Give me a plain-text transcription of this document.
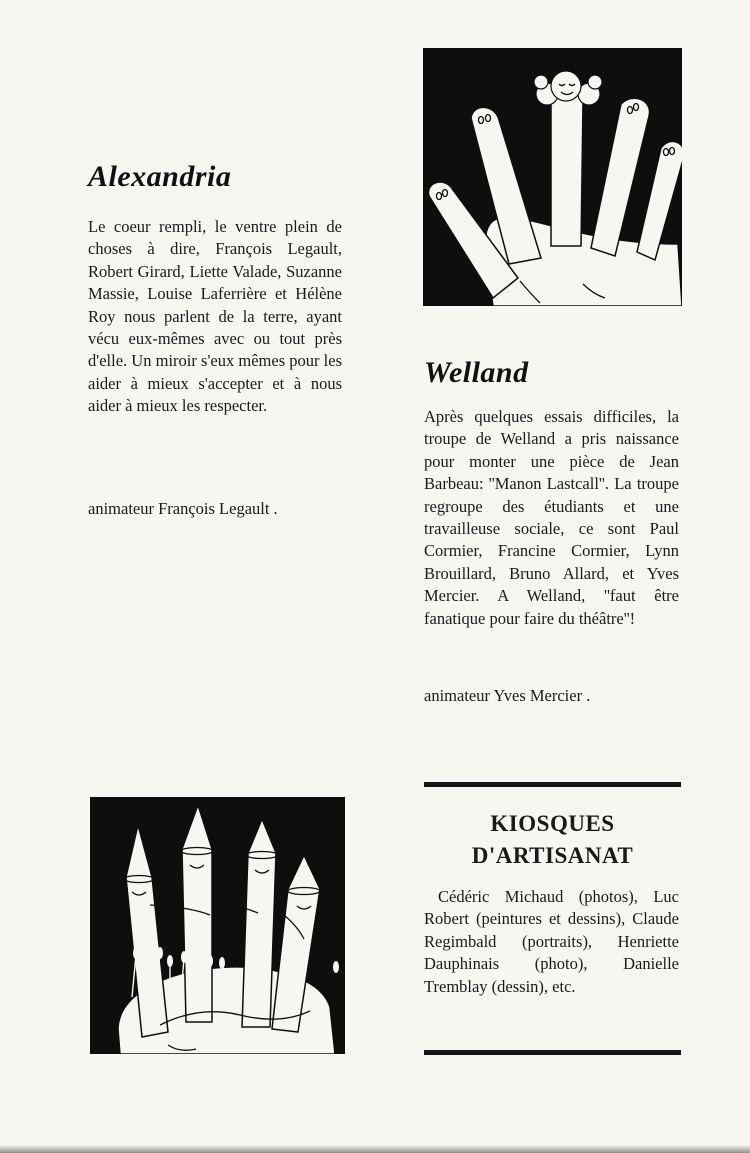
Alexandria

Le coeur rempli, le ventre plein de choses à dire, François Legault, Robert Girard, Liette Valade, Suzanne Massie, Louise Laferrière et Hélène Roy nous parlent de la terre, ayant vécu eux-mêmes avec ou tout près d'elle. Un miroir s'eux mêmes pour les aider à mieux s'accepter et à nous aider à mieux les respecter.

animateur François Legault .

Welland

Après quelques essais difficiles, la troupe de Welland a pris naissance pour monter une pièce de Jean Barbeau: ''Manon Lastcall''. La troupe regroupe des étudiants et une travailleuse sociale, ce sont Paul Cormier, Francine Cormier, Lynn Brouillard, Bruno Allard, et Yves Mercier. A Welland, ''faut être fanatique pour faire du théâtre''!

animateur Yves Mercier .

KIOSQUES D'ARTISANAT

Cédéric Michaud (photos), Luc Robert (peintures et dessins), Claude Regimbald (portraits), Henriette Dauphinais (photo), Danielle Tremblay (dessin), etc.
